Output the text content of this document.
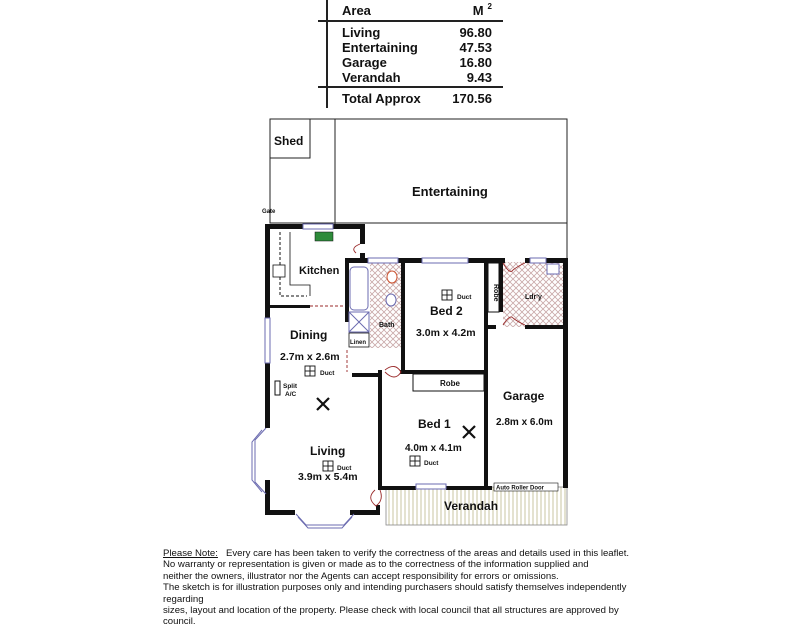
Area	M $^2$
Living	96.80
Entertaining	47.53
Garage	16.80
Verandah	9.43
Total Approx 170.56
Shed
Entertaining
Gate
Kitchen
Dining
2.7m x 2.6m
Duct
Bath
Linen
Duct
Bed 2
3.0m x 4.2m
Robe	Ldr'y
Robe
Split
A/C	Garage
2.8m x 6.0m
Bed 1
4.0m x 4.1m
Duct
Living
Duct
3.9m x 5.4m
Verandah
Auto Roller Door
Please Note: Every care has been taken to verify the correctness of the areas and details used in this leaflet.
No warranty or representation is given or made as to the correctness of the information supplied and
neither the owners, illustrator nor the Agents can accept responsibility for errors or omissions.
The sketch is for illustration purposes only and intending purchasers should satisfy themselves independently regarding
sizes, layout and location of the property. Please check with local council that all structures are approved by council.
